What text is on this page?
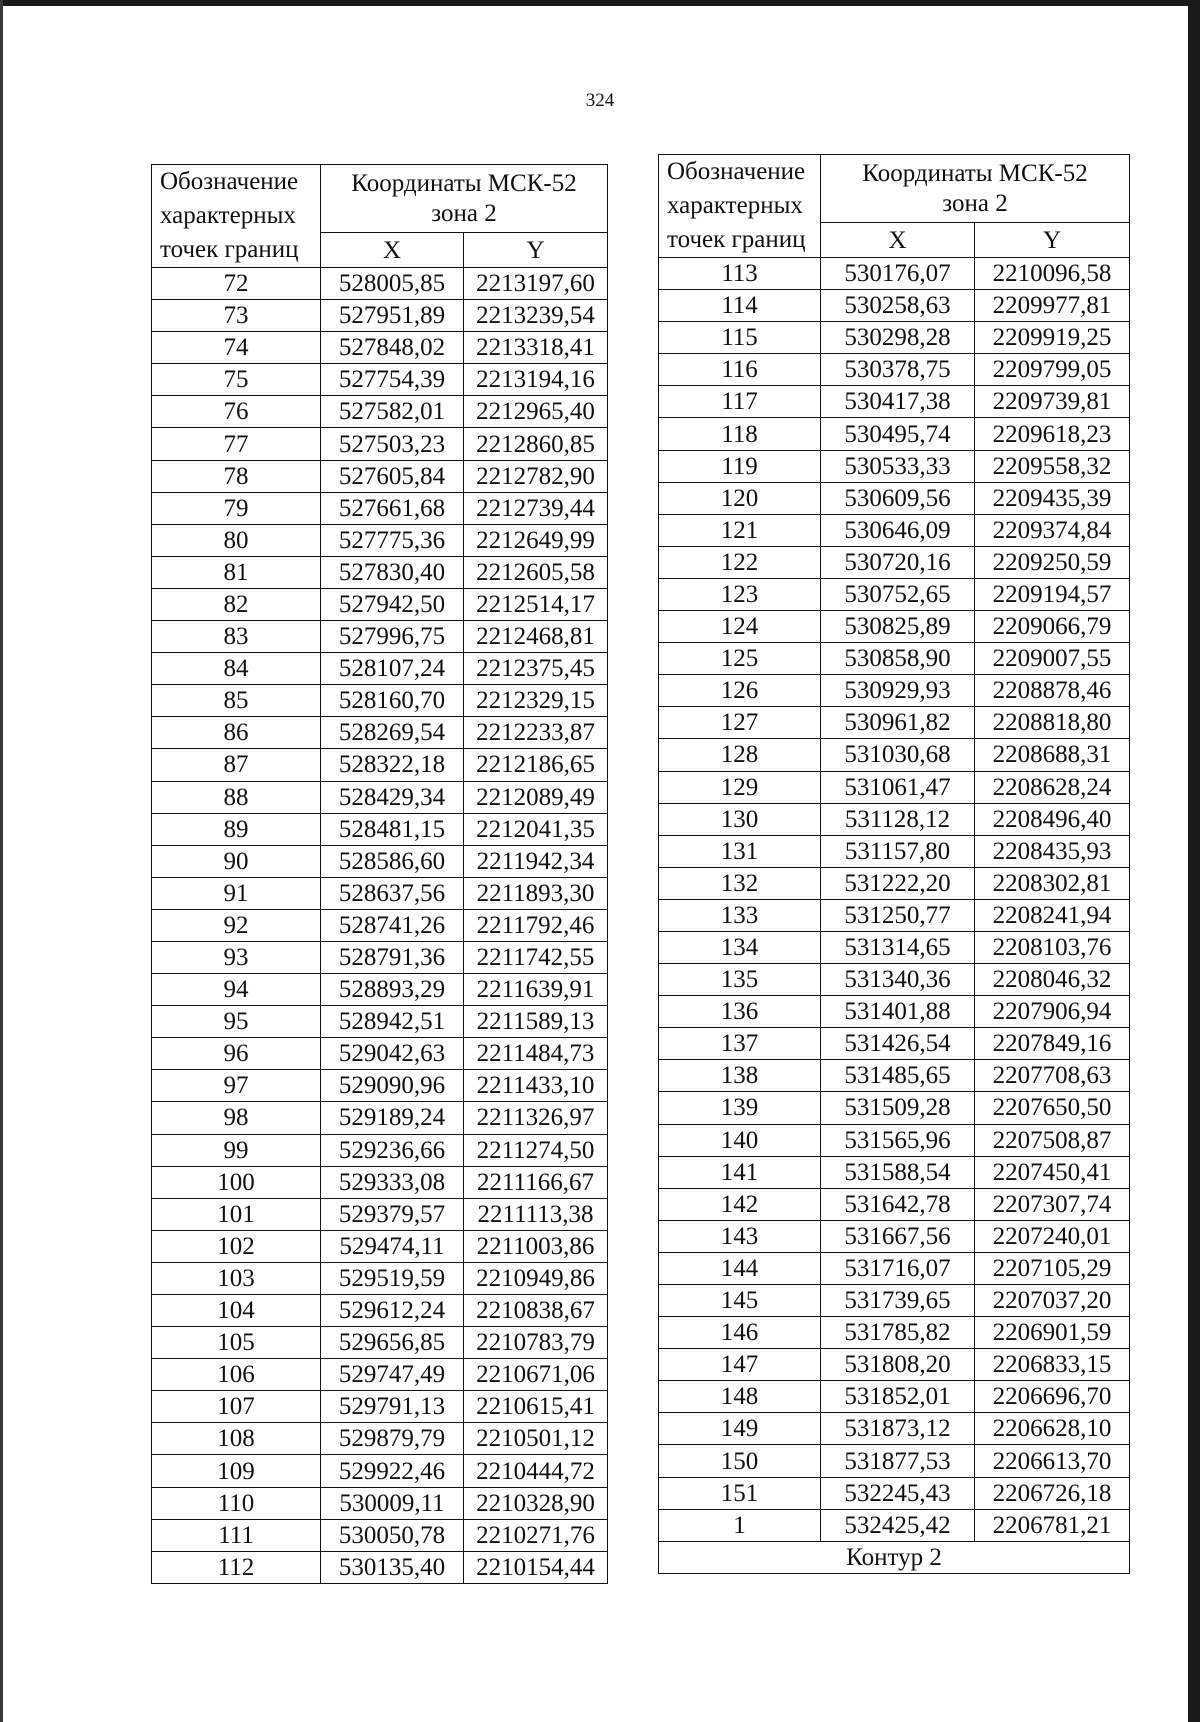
324
Обозначение
характерных
точек границ	Координаты МСК-52
зона 2	
	X	Y
72	528005,85	2213197,60
73	527951,89	2213239,54
74	527848,02	2213318,41
75	527754,39	2213194,16
76	527582,01	2212965,40
77	527503,23	2212860,85
78	527605,84	2212782,90
79	527661,68	2212739,44
80	527775,36	2212649,99
81	527830,40	2212605,58
82	527942,50	2212514,17
83	527996,75	2212468,81
84	528107,24	2212375,45
85	528160,70	2212329,15
86	528269,54	2212233,87
87	528322,18	2212186,65
88	528429,34	2212089,49
89	528481,15	2212041,35
90	528586,60	2211942,34
91	528637,56	2211893,30
92	528741,26	2211792,46
93	528791,36	2211742,55
94	528893,29	2211639,91
95	528942,51	2211589,13
96	529042,63	2211484,73
97	529090,96	2211433,10
98	529189,24	2211326,97
99	529236,66	2211274,50
100	529333,08	2211166,67
101	529379,57	2211113,38
102	529474,11	2211003,86
103	529519,59	2210949,86
104	529612,24	2210838,67
105	529656,85	2210783,79
106	529747,49	2210671,06
107	529791,13	2210615,41
108	529879,79	2210501,12
109	529922,46	2210444,72
110	530009,11	2210328,90
111	530050,78	2210271,76
112	530135,40	2210154,44
Обозначение
характерных
точек границ	Координаты МСК-52
зона 2	
	X	Y
113	530176,07	2210096,58
114	530258,63	2209977,81
115	530298,28	2209919,25
116	530378,75	2209799,05
117	530417,38	2209739,81
118	530495,74	2209618,23
119	530533,33	2209558,32
120	530609,56	2209435,39
121	530646,09	2209374,84
122	530720,16	2209250,59
123	530752,65	2209194,57
124	530825,89	2209066,79
125	530858,90	2209007,55
126	530929,93	2208878,46
127	530961,82	2208818,80
128	531030,68	2208688,31
129	531061,47	2208628,24
130	531128,12	2208496,40
131	531157,80	2208435,93
132	531222,20	2208302,81
133	531250,77	2208241,94
134	531314,65	2208103,76
135	531340,36	2208046,32
136	531401,88	2207906,94
137	531426,54	2207849,16
138	531485,65	2207708,63
139	531509,28	2207650,50
140	531565,96	2207508,87
141	531588,54	2207450,41
142	531642,78	2207307,74
143	531667,56	2207240,01
144	531716,07	2207105,29
145	531739,65	2207037,20
146	531785,82	2206901,59
147	531808,20	2206833,15
148	531852,01	2206696,70
149	531873,12	2206628,10
150	531877,53	2206613,70
151	532245,43	2206726,18
1	532425,42	2206781,21
Контур 2		
